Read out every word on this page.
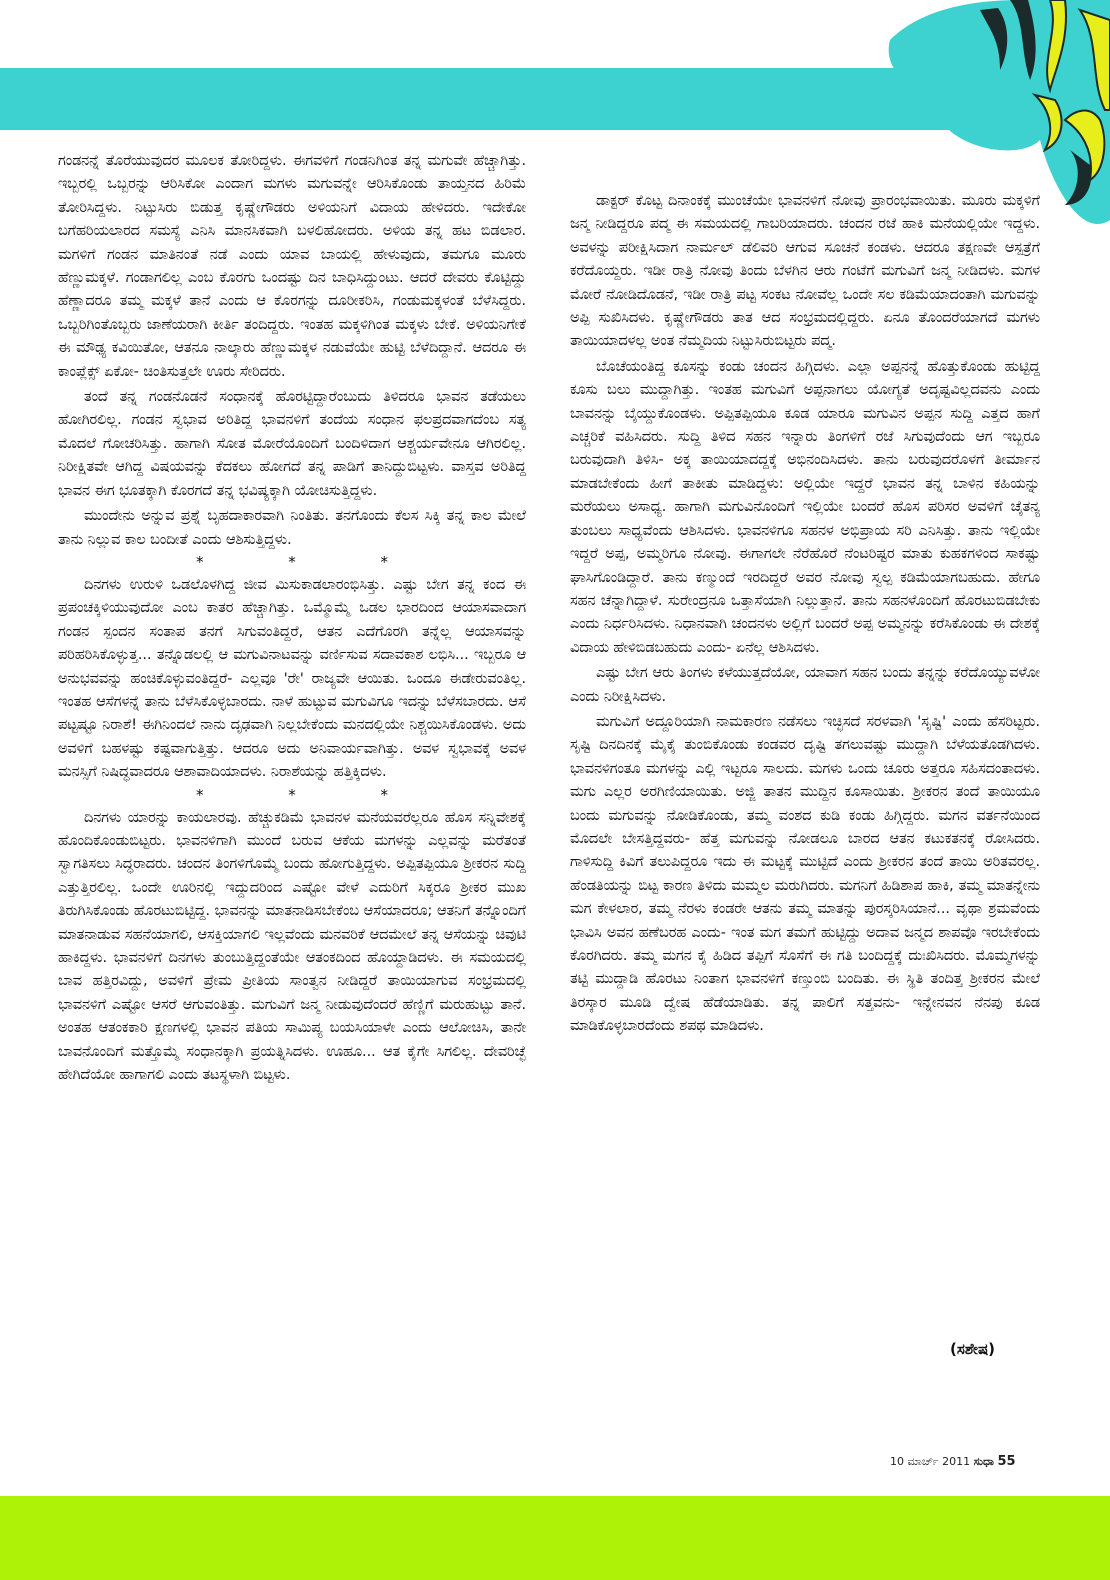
ಗಂಡನನ್ನೆ ತೊರೆಯುವುದರ ಮೂಲಕ ತೋರಿದ್ದಳು. ಈಗವಳಿಗೆ ಗಂಡನಿಗಿಂತ ತನ್ನ ಮಗುವೇ ಹೆಚ್ಚಾಗಿತ್ತು. ಇಬ್ಬರಲ್ಲಿ ಒಬ್ಬರನ್ನು ಆರಿಸಿಕೋ ಎಂದಾಗ ಮಗಳು ಮಗುವನ್ನೇ ಆರಿಸಿಕೊಂಡು ತಾಯ್ತನದ ಹಿರಿಮೆ ತೋರಿಸಿದ್ದಳು. ನಿಟ್ಟುಸಿರು ಬಿಡುತ್ತ ಕೃಷ್ಣೇಗೌಡರು ಅಳಿಯನಿಗೆ ವಿದಾಯ ಹೇಳಿದರು. ಇದೇಕೋ ಬಗೆಹರಿಯಲಾರದ ಸಮಸ್ಯೆ ಎನಿಸಿ ಮಾನಸಿಕವಾಗಿ ಬಳಲಿಹೋದರು. ಅಳಿಯ ತನ್ನ ಹಟ ಬಿಡಲಾರ. ಮಗಳಿಗೆ ಗಂಡನ ಮಾತಿನಂತೆ ನಡೆ ಎಂದು ಯಾವ ಬಾಯಲ್ಲಿ ಹೇಳುವುದು, ತಮಗೂ ಮೂರು ಹೆಣ್ಣುಮಕ್ಕಳೆ. ಗಂಡಾಗಲಿಲ್ಲ ಎಂಬ ಕೊರಗು ಒಂದಷ್ಟು ದಿನ ಬಾಧಿಸಿದ್ದುಂಟು. ಆದರೆ ದೇವರು ಕೊಟ್ಟಿದ್ದು ಹೆಣ್ಣಾದರೂ ತಮ್ಮ ಮಕ್ಕಳೆ ತಾನೆ ಎಂದು ಆ ಕೊರಗನ್ನು ದೂರೀಕರಿಸಿ, ಗಂಡುಮಕ್ಕಳಂತೆ ಬೆಳೆಸಿದ್ದರು. ಒಬ್ಬರಿಗಿಂತೊಬ್ಬರು ಜಾಣೆಯರಾಗಿ ಕೀರ್ತಿ ತಂದಿದ್ದರು. ಇಂತಹ ಮಕ್ಕಳಿಗಿಂತ ಮಕ್ಕಳು ಬೇಕೆ. ಅಳಿಯನಿಗೇಕೆ ಈ ಮೌಢ್ಯ ಕವಿಯಿತೋ, ಆತನೂ ನಾಲ್ಕಾರು ಹೆಣ್ಣುಮಕ್ಕಳ ನಡುವೆಯೇ ಹುಟ್ಟಿ ಬೆಳೆದಿದ್ದಾನೆ. ಆದರೂ ಈ ಕಾಂಪ್ಲೆಕ್ಸ್ ಏಕೋ- ಚಿಂತಿಸುತ್ತಲೇ ಊರು ಸೇರಿದರು.

ತಂದೆ ತನ್ನ ಗಂಡನೊಡನೆ ಸಂಧಾನಕ್ಕೆ ಹೊರಟ್ಟಿದ್ದಾರೆಂಬುದು ತಿಳಿದರೂ ಭಾವನ ತಡೆಯಲು ಹೋಗಿರಲಿಲ್ಲ. ಗಂಡನ ಸ್ವಭಾವ ಅರಿತಿದ್ದ ಭಾವನಳಿಗೆ ತಂದೆಯ ಸಂಧಾನ ಫಲಪ್ರದವಾಗದೆಂಬ ಸತ್ಯ ಮೊದಲೆ ಗೋಚರಿಸಿತ್ತು. ಹಾಗಾಗಿ ಸೋತ ಮೋರೆಯೊಂದಿಗೆ ಬಂದಿಳಿದಾಗ ಆಶ್ಚರ್ಯವೇನೂ ಆಗಿರಲಿಲ್ಲ. ನಿರೀಕ್ಷಿತವೇ ಆಗಿದ್ದ ವಿಷಯವನ್ನು ಕೆದಕಲು ಹೋಗದೆ ತನ್ನ ಪಾಡಿಗೆ ತಾನಿದ್ದುಬಿಟ್ಟಳು. ವಾಸ್ತವ ಅರಿತಿದ್ದ ಭಾವನ ಈಗ ಭೂತಕ್ಕಾಗಿ ಕೊರಗದೆ ತನ್ನ ಭವಿಷ್ಯಕ್ಕಾಗಿ ಯೋಚಿಸುತ್ತಿದ್ದಳು.

ಮುಂದೇನು ಅನ್ನುವ ಪ್ರಶ್ನೆ ಬೃಹದಾಕಾರವಾಗಿ ನಿಂತಿತು. ತನಗೊಂದು ಕೆಲಸ ಸಿಕ್ಕಿ ತನ್ನ ಕಾಲ ಮೇಲೆ ತಾನು ನಿಲ್ಲುವ ಕಾಲ ಬಂದೀತೆ ಎಂದು ಆಶಿಸುತ್ತಿದ್ದಳು.

* * *

ದಿನಗಳು ಉರುಳಿ ಒಡಲೊಳಗಿದ್ದ ಜೀವ ಮಿಸುಕಾಡಲಾರಂಭಿಸಿತ್ತು. ಎಷ್ಟು ಬೇಗ ತನ್ನ ಕಂದ ಈ ಪ್ರಪಂಚಕ್ಕಿಳಿಯುವುದೋ ಎಂಬ ಕಾತರ ಹೆಚ್ಚಾಗಿತ್ತು. ಒಮ್ಮೊಮ್ಮೆ ಒಡಲ ಭಾರದಿಂದ ಆಯಾಸವಾದಾಗ ಗಂಡನ ಸ್ಪಂದನ ಸಂತಾಪ ತನಗೆ ಸಿಗುವಂತಿದ್ದರೆ, ಆತನ ಎದೆಗೊರಗಿ ತನ್ನೆಲ್ಲ ಆಯಾಸವನ್ನು ಪರಿಹರಿಸಿಕೊಳ್ಳುತ್ತ... ತನ್ನೊಡಲಲ್ಲಿ ಆ ಮಗುವಿನಾಟವನ್ನು ವರ್ಣಿಸುವ ಸದಾವಕಾಶ ಲಭಿಸಿ... ಇಬ್ಬರೂ ಆ ಅನುಭವವನ್ನು ಹಂಚಿಕೊಳ್ಳುವಂತಿದ್ದರೆ- ಎಲ್ಲವೂ 'ರೇ' ರಾಜ್ಯವೇ ಆಯಿತು. ಒಂದೂ ಈಡೇರುವಂತಿಲ್ಲ. ಇಂತಹ ಆಸೆಗಳನ್ನೆ ತಾನು ಬೆಳೆಸಿಕೊಳ್ಳಬಾರದು. ನಾಳೆ ಹುಟ್ಟುವ ಮಗುವಿಗೂ ಇದನ್ನು ಬೆಳೆಸಬಾರದು. ಆಸೆ ಪಟ್ಟಷ್ಟೂ ನಿರಾಶೆ! ಈಗಿನಿಂದಲೆ ನಾನು ದೃಢವಾಗಿ ನಿಲ್ಲಬೇಕೆಂದು ಮನದಲ್ಲಿಯೇ ನಿಶ್ಚಯಿಸಿಕೊಂಡಳು. ಅದು ಅವಳಿಗೆ ಬಹಳಷ್ಟು ಕಷ್ಟವಾಗುತ್ತಿತ್ತು. ಆದರೂ ಅದು ಅನಿವಾರ್ಯವಾಗಿತ್ತು. ಅವಳ ಸ್ವಭಾವಕ್ಕೆ ಅವಳ ಮನಸ್ಸಿಗೆ ನಿಷಿದ್ಧವಾದರೂ ಆಶಾವಾದಿಯಾದಳು. ನಿರಾಶೆಯನ್ನು ಹತ್ತಿಕ್ಕಿದಳು.

* * *

ದಿನಗಳು ಯಾರನ್ನು ಕಾಯಲಾರವು. ಹೆಚ್ಚುಕಡಿಮೆ ಭಾವನಳ ಮನೆಯವರೆಲ್ಲರೂ ಹೊಸ ಸನ್ನಿವೇಶಕ್ಕೆ ಹೊಂದಿಕೊಂಡುಬಿಟ್ಟರು. ಭಾವನಳಿಗಾಗಿ ಮುಂದೆ ಬರುವ ಆಕೆಯ ಮಗಳನ್ನು ಎಲ್ಲವನ್ನು ಮರೆತಂತೆ ಸ್ವಾಗತಿಸಲು ಸಿದ್ಧರಾದರು. ಚಂದನ ತಿಂಗಳಿಗೊಮ್ಮೆ ಬಂದು ಹೋಗುತ್ತಿದ್ದಳು. ಅಪ್ಪಿತಪ್ಪಿಯೂ ಶ್ರೀಕರನ ಸುದ್ದಿ ಎತ್ತುತ್ತಿರಲಿಲ್ಲ. ಒಂದೇ ಊರಿನಲ್ಲಿ ಇದ್ದುದರಿಂದ ಎಷ್ಟೋ ವೇಳೆ ಎದುರಿಗೆ ಸಿಕ್ಕರೂ ಶ್ರೀಕರ ಮುಖ ತಿರುಗಿಸಿಕೊಂಡು ಹೊರಟುಬಿಟ್ಟಿದ್ದ. ಭಾವನನ್ನು ಮಾತನಾಡಿಸಬೇಕೆಂಬ ಆಸೆಯಾದರೂ; ಆತನಿಗೆ ತನ್ನೊಂದಿಗೆ ಮಾತನಾಡುವ ಸಹನೆಯಾಗಲಿ, ಆಸಕ್ತಿಯಾಗಲಿ ಇಲ್ಲವೆಂದು ಮನವರಿಕೆ ಆದಮೇಲೆ ತನ್ನ ಆಸೆಯನ್ನು ಚಿವುಟಿ ಹಾಕಿದ್ದಳು. ಭಾವನಳಿಗೆ ದಿನಗಳು ತುಂಬುತ್ತಿದ್ದಂತೆಯೇ ಆತಂಕದಿಂದ ಹೊಯ್ದಾಡಿದಳು. ಈ ಸಮಯದಲ್ಲಿ ಬಾವ ಹತ್ತಿರವಿದ್ದು, ಅವಳಿಗೆ ಪ್ರೇಮ ಪ್ರೀತಿಯ ಸಾಂತ್ವನ ನೀಡಿದ್ದರೆ ತಾಯಿಯಾಗುವ ಸಂಭ್ರಮದಲ್ಲಿ ಭಾವನಳಿಗೆ ಎಷ್ಟೋ ಆಸರೆ ಆಗುವಂತಿತ್ತು. ಮಗುವಿಗೆ ಜನ್ಮ ನೀಡುವುದೆಂದರೆ ಹೆಣ್ಣಿಗೆ ಮರುಹುಟ್ಟು ತಾನೆ. ಅಂತಹ ಆತಂಕಕಾರಿ ಕ್ಷಣಗಳಲ್ಲಿ ಭಾವನ ಪತಿಯ ಸಾಮಿಪ್ಯ ಬಯಸಿಯಾಳೇ ಎಂದು ಆಲೋಚಿಸಿ, ತಾನೇ ಬಾವನೊಂದಿಗೆ ಮತ್ತೊಮ್ಮೆ ಸಂಧಾನಕ್ಕಾಗಿ ಪ್ರಯತ್ನಿಸಿದಳು. ಊಹೂ... ಆತ ಕೈಗೇ ಸಿಗಲಿಲ್ಲ. ದೇವರಿಚ್ಛೆ ಹೇಗಿದೆಯೋ ಹಾಗಾಗಲಿ ಎಂದು ತಟಸ್ಥಳಾಗಿ ಬಿಟ್ಟಳು.

ಡಾಕ್ಟರ್ ಕೊಟ್ಟ ದಿನಾಂಕಕ್ಕೆ ಮುಂಚೆಯೇ ಭಾವನಳಿಗೆ ನೋವು ಪ್ರಾರಂಭವಾಯಿತು. ಮೂರು ಮಕ್ಕಳಿಗೆ ಜನ್ಮ ನೀಡಿದ್ದರೂ ಪದ್ಮ ಈ ಸಮಯದಲ್ಲಿ ಗಾಬರಿಯಾದರು. ಚಂದನ ರಜೆ ಹಾಕಿ ಮನೆಯಲ್ಲಿಯೇ ಇದ್ದಳು. ಅವಳನ್ನು ಪರೀಕ್ಷಿಸಿದಾಗ ನಾರ್ಮಲ್ ಡೆಲಿವರಿ ಆಗುವ ಸೂಚನೆ ಕಂಡಳು. ಆದರೂ ತಕ್ಷಣವೇ ಆಸ್ಪತ್ರೆಗೆ ಕರೆದೊಯ್ದರು. ಇಡೀ ರಾತ್ರಿ ನೋವು ತಿಂದು ಬೆಳಗಿನ ಆರು ಗಂಟೆಗೆ ಮಗುವಿಗೆ ಜನ್ಮ ನೀಡಿದಳು. ಮಗಳ ಮೋರೆ ನೋಡಿದೊಡನೆ, ಇಡೀ ರಾತ್ರಿ ಪಟ್ಟ ಸಂಕಟ ನೋವೆಲ್ಲ ಒಂದೇ ಸಲ ಕಡಿಮೆಯಾದಂತಾಗಿ ಮಗುವನ್ನು ಅಪ್ಪಿ ಸುಖಿಸಿದಳು. ಕೃಷ್ಣೇಗೌಡರು ತಾತ ಆದ ಸಂಭ್ರಮದಲ್ಲಿದ್ದರು. ಏನೂ ತೊಂದರೆಯಾಗದೆ ಮಗಳು ತಾಯಿಯಾದಳಲ್ಲ ಅಂತ ನೆಮ್ಮದಿಯ ನಿಟ್ಟುಸಿರುಬಿಟ್ಟರು ಪದ್ಮ.

ಬೊಚೆಯಂತಿದ್ದ ಕೂಸನ್ನು ಕಂಡು ಚಂದನ ಹಿಗ್ಗಿದಳು. ಎಲ್ಲಾ ಅಪ್ಪನನ್ನೆ ಹೊತ್ತುಕೊಂಡು ಹುಟ್ಟಿದ್ದ ಕೂಸು ಬಲು ಮುದ್ದಾಗಿತ್ತು. ಇಂತಹ ಮಗುವಿಗೆ ಅಪ್ಪನಾಗಲು ಯೋಗ್ಯತೆ ಅದೃಷ್ಟವಿಲ್ಲದವನು ಎಂದು ಬಾವನನ್ನು ಬೈಯ್ದುಕೊಂಡಳು. ಅಪ್ಪಿತಪ್ಪಿಯೂ ಕೂಡ ಯಾರೂ ಮಗುವಿನ ಅಪ್ಪನ ಸುದ್ದಿ ಎತ್ತದ ಹಾಗೆ ಎಚ್ಚರಿಕೆ ವಹಿಸಿದರು. ಸುದ್ದಿ ತಿಳಿದ ಸಹನ ಇನ್ನಾರು ತಿಂಗಳಿಗೆ ರಜೆ ಸಿಗುವುದೆಂದು ಆಗ ಇಬ್ಬರೂ ಬರುವುದಾಗಿ ತಿಳಿಸಿ- ಅಕ್ಕ ತಾಯಿಯಾದದ್ದಕ್ಕೆ ಅಭಿನಂದಿಸಿದಳು. ತಾನು ಬರುವುದರೊಳಗೆ ತೀರ್ಮಾನ ಮಾಡಬೇಕೆಂದು ಹೀಗೆ ತಾಕೀತು ಮಾಡಿದ್ದಳು: ಅಲ್ಲಿಯೇ ಇದ್ದರೆ ಭಾವನ ತನ್ನ ಬಾಳಿನ ಕಹಿಯನ್ನು ಮರೆಯಲು ಅಸಾಧ್ಯ. ಹಾಗಾಗಿ ಮಗುವಿನೊಂದಿಗೆ ಇಲ್ಲಿಯೇ ಬಂದರೆ ಹೊಸ ಪರಿಸರ ಅವಳಿಗೆ ಚೈತನ್ಯ ತುಂಬಲು ಸಾಧ್ಯವೆಂದು ಆಶಿಸಿದಳು. ಭಾವನಳಿಗೂ ಸಹನಳ ಅಭಿಪ್ರಾಯ ಸರಿ ಎನಿಸಿತ್ತು. ತಾನು ಇಲ್ಲಿಯೇ ಇದ್ದರೆ ಅಪ್ಪ, ಅಮ್ಮರಿಗೂ ನೋವು. ಈಗಾಗಲೇ ನೆರೆಹೊರೆ ನೆಂಟರಿಷ್ಟರ ಮಾತು ಕುಹಕಗಳಿಂದ ಸಾಕಷ್ಟು ಘಾಸಿಗೊಂಡಿದ್ದಾರೆ. ತಾನು ಕಣ್ಮುಂದೆ ಇರದಿದ್ದರೆ ಅವರ ನೋವು ಸ್ವಲ್ಪ ಕಡಿಮೆಯಾಗಬಹುದು. ಹೇಗೂ ಸಹನ ಚೆನ್ನಾಗಿದ್ದಾಳೆ. ಸುರೇಂದ್ರನೂ ಒತ್ತಾಸೆಯಾಗಿ ನಿಲ್ಲುತ್ತಾನೆ. ತಾನು ಸಹನಳೊಂದಿಗೆ ಹೊರಟುಬಿಡಬೇಕು ಎಂದು ನಿರ್ಧರಿಸಿದಳು. ನಿಧಾನವಾಗಿ ಚಂದನಳು ಅಲ್ಲಿಗೆ ಬಂದರೆ ಅಪ್ಪ ಅಮ್ಮನನ್ನು ಕರೆಸಿಕೊಂಡು ಈ ದೇಶಕ್ಕೆ ವಿದಾಯ ಹೇಳಿಬಿಡಬಹುದು ಎಂದು- ಏನೆಲ್ಲ ಆಶಿಸಿದಳು.

ಎಷ್ಟು ಬೇಗ ಆರು ತಿಂಗಳು ಕಳೆಯುತ್ತದೆಯೋ, ಯಾವಾಗ ಸಹನ ಬಂದು ತನ್ನನ್ನು ಕರೆದೊಯ್ಯುವಳೋ ಎಂದು ನಿರೀಕ್ಷಿಸಿದಳು.

ಮಗುವಿಗೆ ಅದ್ದೂರಿಯಾಗಿ ನಾಮಕಾರಣ ನಡೆಸಲು ಇಚ್ಛಿಸದೆ ಸರಳವಾಗಿ 'ಸೃಷ್ಟಿ' ಎಂದು ಹೆಸರಿಟ್ಟರು. ಸೃಷ್ಟಿ ದಿನದಿನಕ್ಕೆ ಮೈಕೈ ತುಂಬಿಕೊಂಡು ಕಂಡವರ ದೃಷ್ಟಿ ತಗಲುವಷ್ಟು ಮುದ್ದಾಗಿ ಬೆಳೆಯತೊಡಗಿದಳು. ಭಾವನಳಿಗಂತೂ ಮಗಳನ್ನು ಎಲ್ಲಿ ಇಟ್ಟರೂ ಸಾಲದು. ಮಗಳು ಒಂದು ಚೂರು ಅತ್ತರೂ ಸಹಿಸದಂತಾದಳು. ಮಗು ಎಲ್ಲರ ಅರಗಿಣಿಯಾಯಿತು. ಅಜ್ಜಿ ತಾತನ ಮುದ್ದಿನ ಕೂಸಾಯಿತು. ಶ್ರೀಕರನ ತಂದೆ ತಾಯಿಯೂ ಬಂದು ಮಗುವನ್ನು ನೋಡಿಕೊಂಡು, ತಮ್ಮ ವಂಶದ ಕುಡಿ ಕಂಡು ಹಿಗ್ಗಿದ್ದರು. ಮಗನ ವರ್ತನೆಯಿಂದ ಮೊದಲೇ ಬೇಸತ್ತಿದ್ದವರು- ಹೆತ್ತ ಮಗುವನ್ನು ನೋಡಲೂ ಬಾರದ ಆತನ ಕಟುಕತನಕ್ಕೆ ರೋಸಿದರು. ಗಾಳಿಸುದ್ದಿ ಕಿವಿಗೆ ತಲುಪಿದ್ದರೂ ಇದು ಈ ಮಟ್ಟಕ್ಕೆ ಮುಟ್ಟಿದೆ ಎಂದು ಶ್ರೀಕರನ ತಂದೆ ತಾಯಿ ಅರಿತವರಲ್ಲ. ಹೆಂಡತಿಯನ್ನು ಬಿಟ್ಟ ಕಾರಣ ತಿಳಿದು ಮಮ್ಮಲ ಮರುಗಿದರು. ಮಗನಿಗೆ ಹಿಡಿಶಾಪ ಹಾಕಿ, ತಮ್ಮ ಮಾತನ್ನೇನು ಮಗ ಕೇಳಲಾರ, ತಮ್ಮ ನೆರಳು ಕಂಡರೇ ಆತನು ತಮ್ಮ ಮಾತನ್ನು ಪುರಸ್ಕರಿಸಿಯಾನೆ... ವೃಥಾ ಶ್ರಮವೆಂದು ಭಾವಿಸಿ ಅವನ ಹಣೆಬರಹ ಎಂದು- ಇಂತ ಮಗ ತಮಗೆ ಹುಟ್ಟಿದ್ದು ಅದಾವ ಜನ್ಮದ ಶಾಪವೊ ಇರಬೇಕೆಂದು ಕೊರಗಿದರು. ತಮ್ಮ ಮಗನ ಕೈ ಹಿಡಿದ ತಪ್ಪಿಗೆ ಸೊಸೆಗೆ ಈ ಗತಿ ಬಂದಿದ್ದಕ್ಕೆ ದುಃಖಿಸಿದರು. ಮೊಮ್ಮಗಳನ್ನು ತಟ್ಟಿ ಮುದ್ದಾಡಿ ಹೊರಟು ನಿಂತಾಗ ಭಾವನಳಿಗೆ ಕಣ್ತುಂಬಿ ಬಂದಿತು. ಈ ಸ್ಥಿತಿ ತಂದಿತ್ತ ಶ್ರೀಕರನ ಮೇಲೆ ತಿರಸ್ಕಾರ ಮೂಡಿ ದ್ವೇಷ ಹೆಡೆಯಾಡಿತು. ತನ್ನ ಪಾಲಿಗೆ ಸತ್ತವನು- ಇನ್ನೇನವನ ನೆನಪು ಕೂಡ ಮಾಡಿಕೊಳ್ಳಬಾರದೆಂದು ಶಪಥ ಮಾಡಿದಳು.

(ಸಶೇಷ)
10 ಮಾರ್ಚ್ 2011 ಸುಧಾ 55
